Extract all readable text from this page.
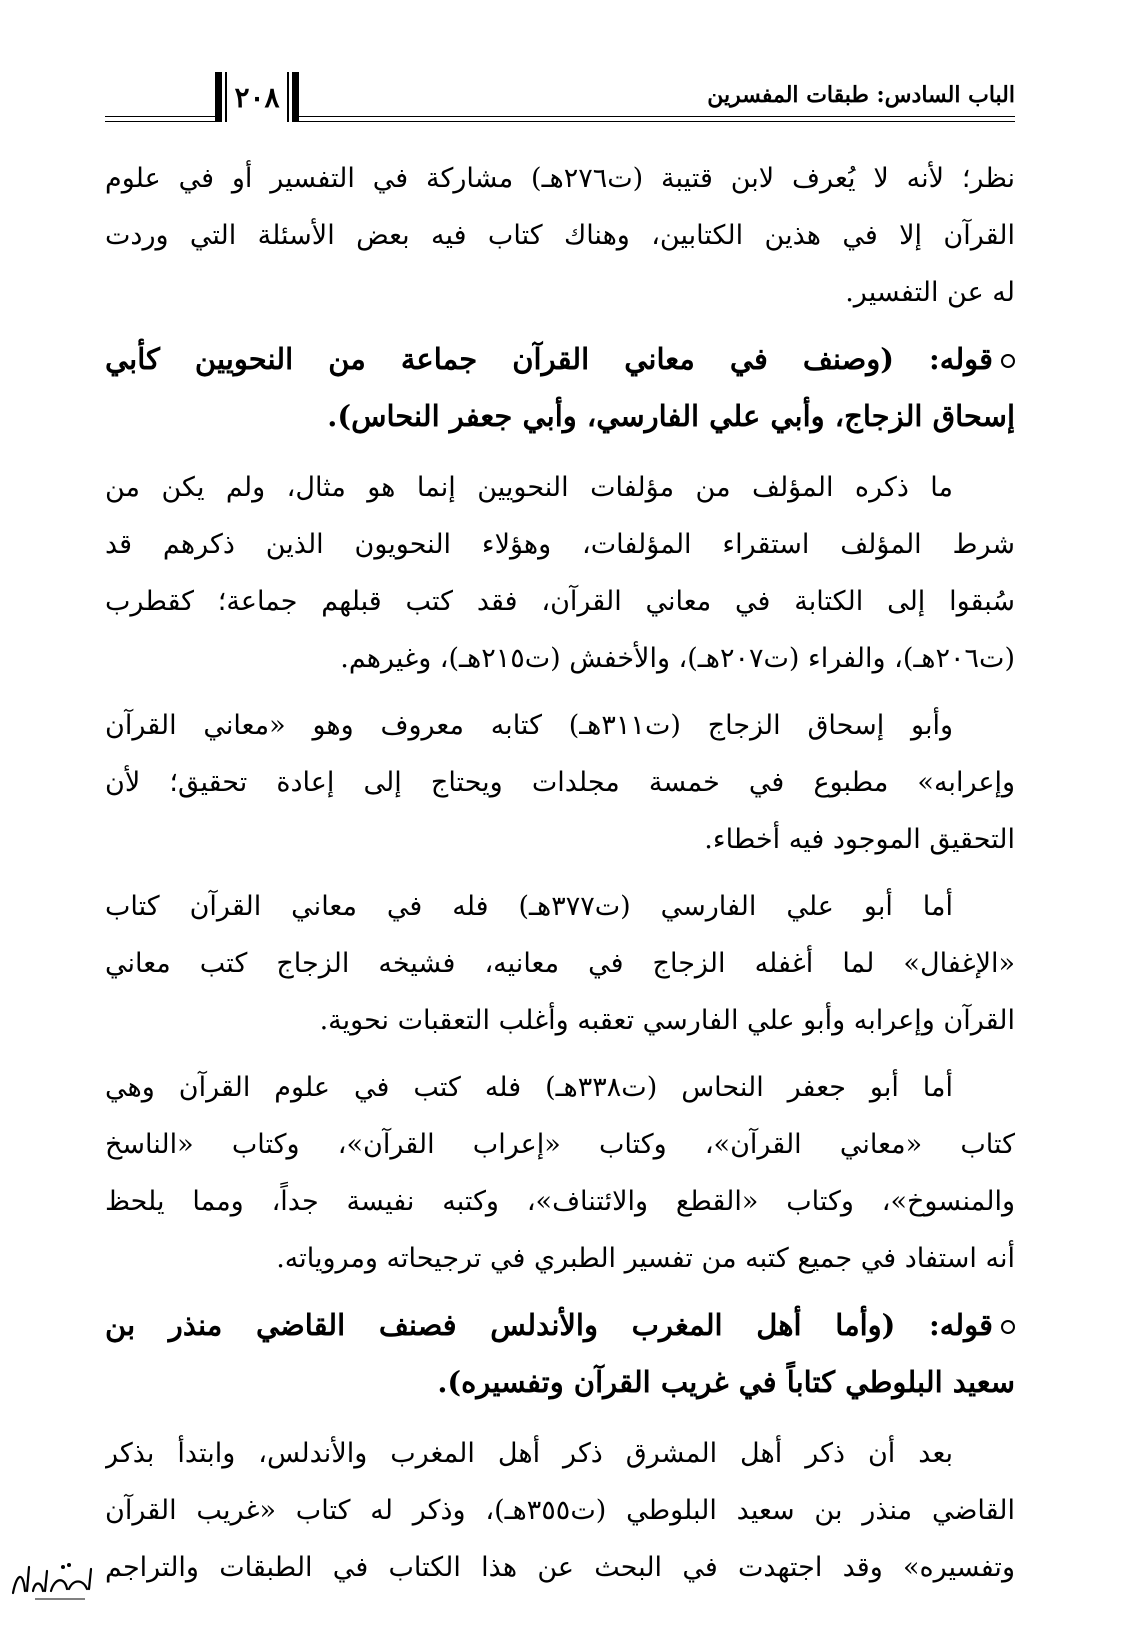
الباب السادس: طبقات المفسرين
٢٠٨
نظر؛ لأنه لا يُعرف لابن قتيبة (ت٢٧٦هـ) مشاركة في التفسير أو في علوم
القرآن إلا في هذين الكتابين، وهناك كتاب فيه بعض الأسئلة التي وردت
له عن التفسير.
قوله: (وصنف في معاني القرآن جماعة من النحويين كأبي
إسحاق الزجاج، وأبي علي الفارسي، وأبي جعفر النحاس).
ما ذكره المؤلف من مؤلفات النحويين إنما هو مثال، ولم يكن من
شرط المؤلف استقراء المؤلفات، وهؤلاء النحويون الذين ذكرهم قد
سُبقوا إلى الكتابة في معاني القرآن، فقد كتب قبلهم جماعة؛ كقطرب
(ت٢٠٦هـ)، والفراء (ت٢٠٧هـ)، والأخفش (ت٢١٥هـ)، وغيرهم.
وأبو إسحاق الزجاج (ت٣١١هـ) كتابه معروف وهو «معاني القرآن
وإعرابه» مطبوع في خمسة مجلدات ويحتاج إلى إعادة تحقيق؛ لأن
التحقيق الموجود فيه أخطاء.
أما أبو علي الفارسي (ت٣٧٧هـ) فله في معاني القرآن كتاب
«الإغفال» لما أغفله الزجاج في معانيه، فشيخه الزجاج كتب معاني
القرآن وإعرابه وأبو علي الفارسي تعقبه وأغلب التعقبات نحوية.
أما أبو جعفر النحاس (ت٣٣٨هـ) فله كتب في علوم القرآن وهي
كتاب «معاني القرآن»، وكتاب «إعراب القرآن»، وكتاب «الناسخ
والمنسوخ»، وكتاب «القطع والائتناف»، وكتبه نفيسة جداً، ومما يلحظ
أنه استفاد في جميع كتبه من تفسير الطبري في ترجيحاته ومروياته.
قوله: (وأما أهل المغرب والأندلس فصنف القاضي منذر بن
سعيد البلوطي كتاباً في غريب القرآن وتفسيره).
بعد أن ذكر أهل المشرق ذكر أهل المغرب والأندلس، وابتدأ بذكر
القاضي منذر بن سعيد البلوطي (ت٣٥٥هـ)، وذكر له كتاب «غريب القرآن
وتفسيره» وقد اجتهدت في البحث عن هذا الكتاب في الطبقات والتراجم
